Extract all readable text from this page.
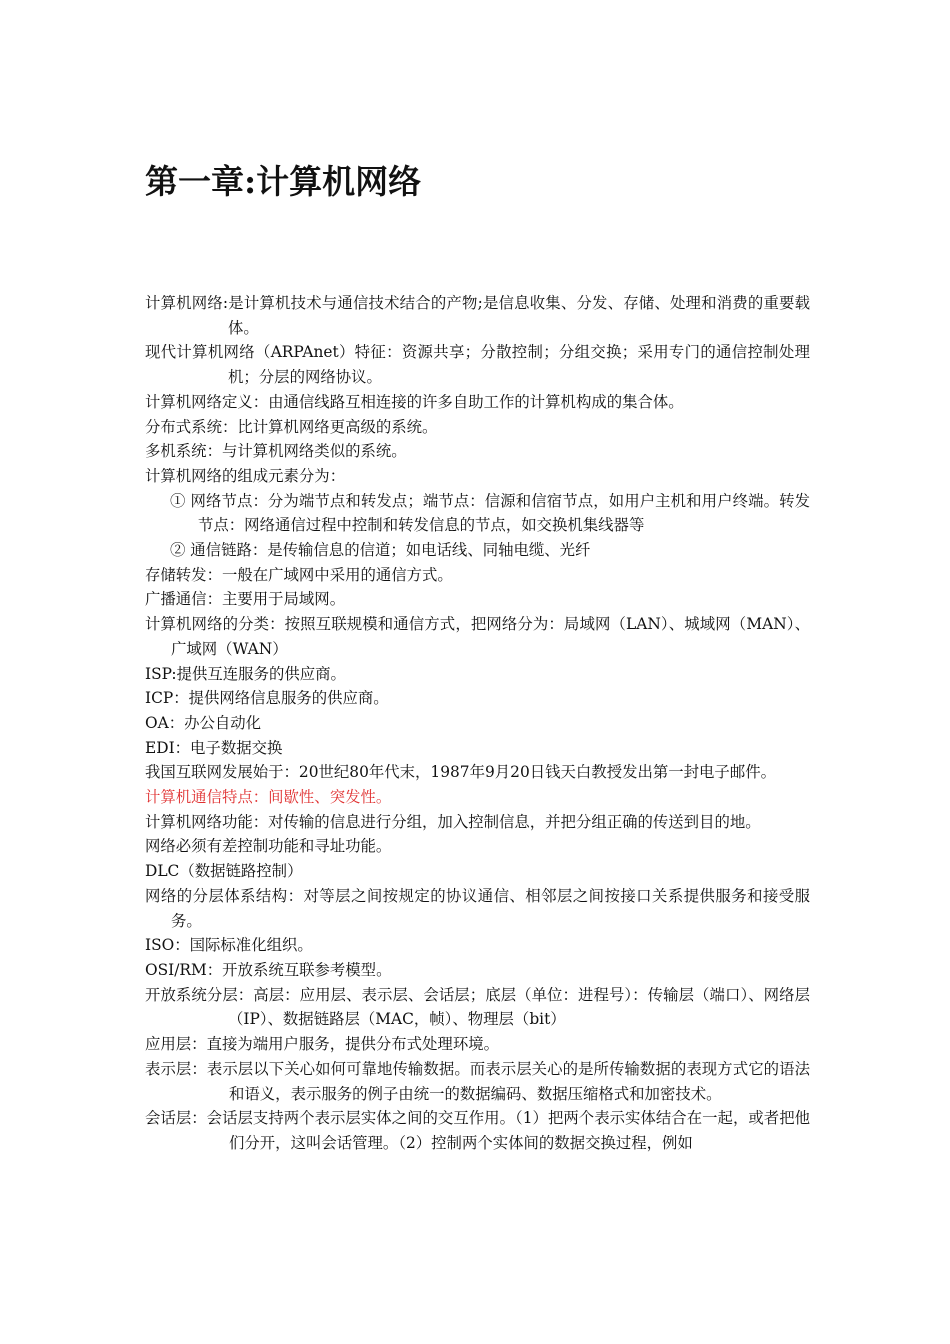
第一章:计算机网络

计算机网络:是计算机技术与通信技术结合的产物;是信息收集、分发、存储、处理和消费的重要载体。

现代计算机网络（ARPAnet）特征：资源共享；分散控制；分组交换；采用专门的通信控制处理机；分层的网络协议。

计算机网络定义：由通信线路互相连接的许多自助工作的计算机构成的集合体。

分布式系统：比计算机网络更高级的系统。

多机系统：与计算机网络类似的系统。

计算机网络的组成元素分为：

① 网络节点：分为端节点和转发点；端节点：信源和信宿节点，如用户主机和用户终端。转发节点：网络通信过程中控制和转发信息的节点，如交换机集线器等

② 通信链路：是传输信息的信道；如电话线、同轴电缆、光纤

存储转发：一般在广域网中采用的通信方式。

广播通信：主要用于局域网。

计算机网络的分类：按照互联规模和通信方式，把网络分为：局域网（LAN）、城域网（MAN）、广域网（WAN）

ISP:提供互连服务的供应商。

ICP：提供网络信息服务的供应商。

OA：办公自动化

EDI：电子数据交换

我国互联网发展始于：20世纪80年代末，1987年9月20日钱天白教授发出第一封电子邮件。

计算机通信特点：间歇性、突发性。

计算机网络功能：对传输的信息进行分组，加入控制信息，并把分组正确的传送到目的地。

网络必须有差控制功能和寻址功能。

DLC（数据链路控制）

网络的分层体系结构：对等层之间按规定的协议通信、相邻层之间按接口关系提供服务和接受服务。

ISO：国际标准化组织。

OSI/RM：开放系统互联参考模型。

开放系统分层：高层：应用层、表示层、会话层；底层（单位：进程号）：传输层（端口）、网络层（IP）、数据链路层（MAC，帧）、物理层（bit）

应用层：直接为端用户服务，提供分布式处理环境。

表示层：表示层以下关心如何可靠地传输数据。而表示层关心的是所传输数据的表现方式它的语法和语义，表示服务的例子由统一的数据编码、数据压缩格式和加密技术。

会话层：会话层支持两个表示层实体之间的交互作用。（1）把两个表示实体结合在一起，或者把他们分开，这叫会话管理。（2）控制两个实体间的数据交换过程，例如
